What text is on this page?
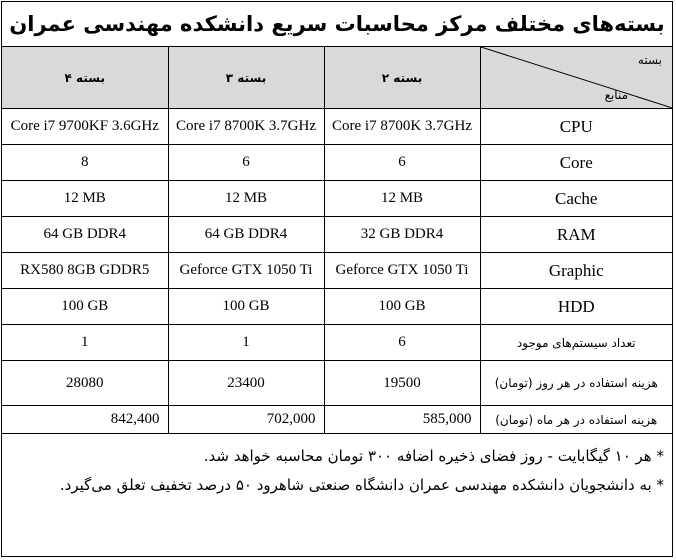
بسته‌های مختلف مرکز محاسبات سریع دانشکده مهندسی عمران
بسته ۴	بسته ۳	بسته ۲	بسته
منابع

Core i7 9700KF 3.6GHz	Core i7 8700K 3.7GHz	Core i7 8700K 3.7GHz	CPU
8	6	6	Core
12 MB	12 MB	12 MB	Cache
64 GB DDR4	64 GB DDR4	32 GB DDR4	RAM
RX580 8GB GDDR5	Geforce GTX 1050 Ti	Geforce GTX 1050 Ti	Graphic
100 GB	100 GB	100 GB	HDD
1	1	6	تعداد سیستم‌های موجود
28080	23400	19500	هزینه استفاده در هر روز (تومان)
842,400	702,000	585,000	هزینه استفاده در هر ماه (تومان)

* هر ۱۰ گیگابایت - روز فضای ذخیره اضافه ۳۰۰ تومان محاسبه خواهد شد.

* به دانشجویان دانشکده مهندسی عمران دانشگاه صنعتی شاهرود ۵۰ درصد تخفیف تعلق می‌گیرد.
